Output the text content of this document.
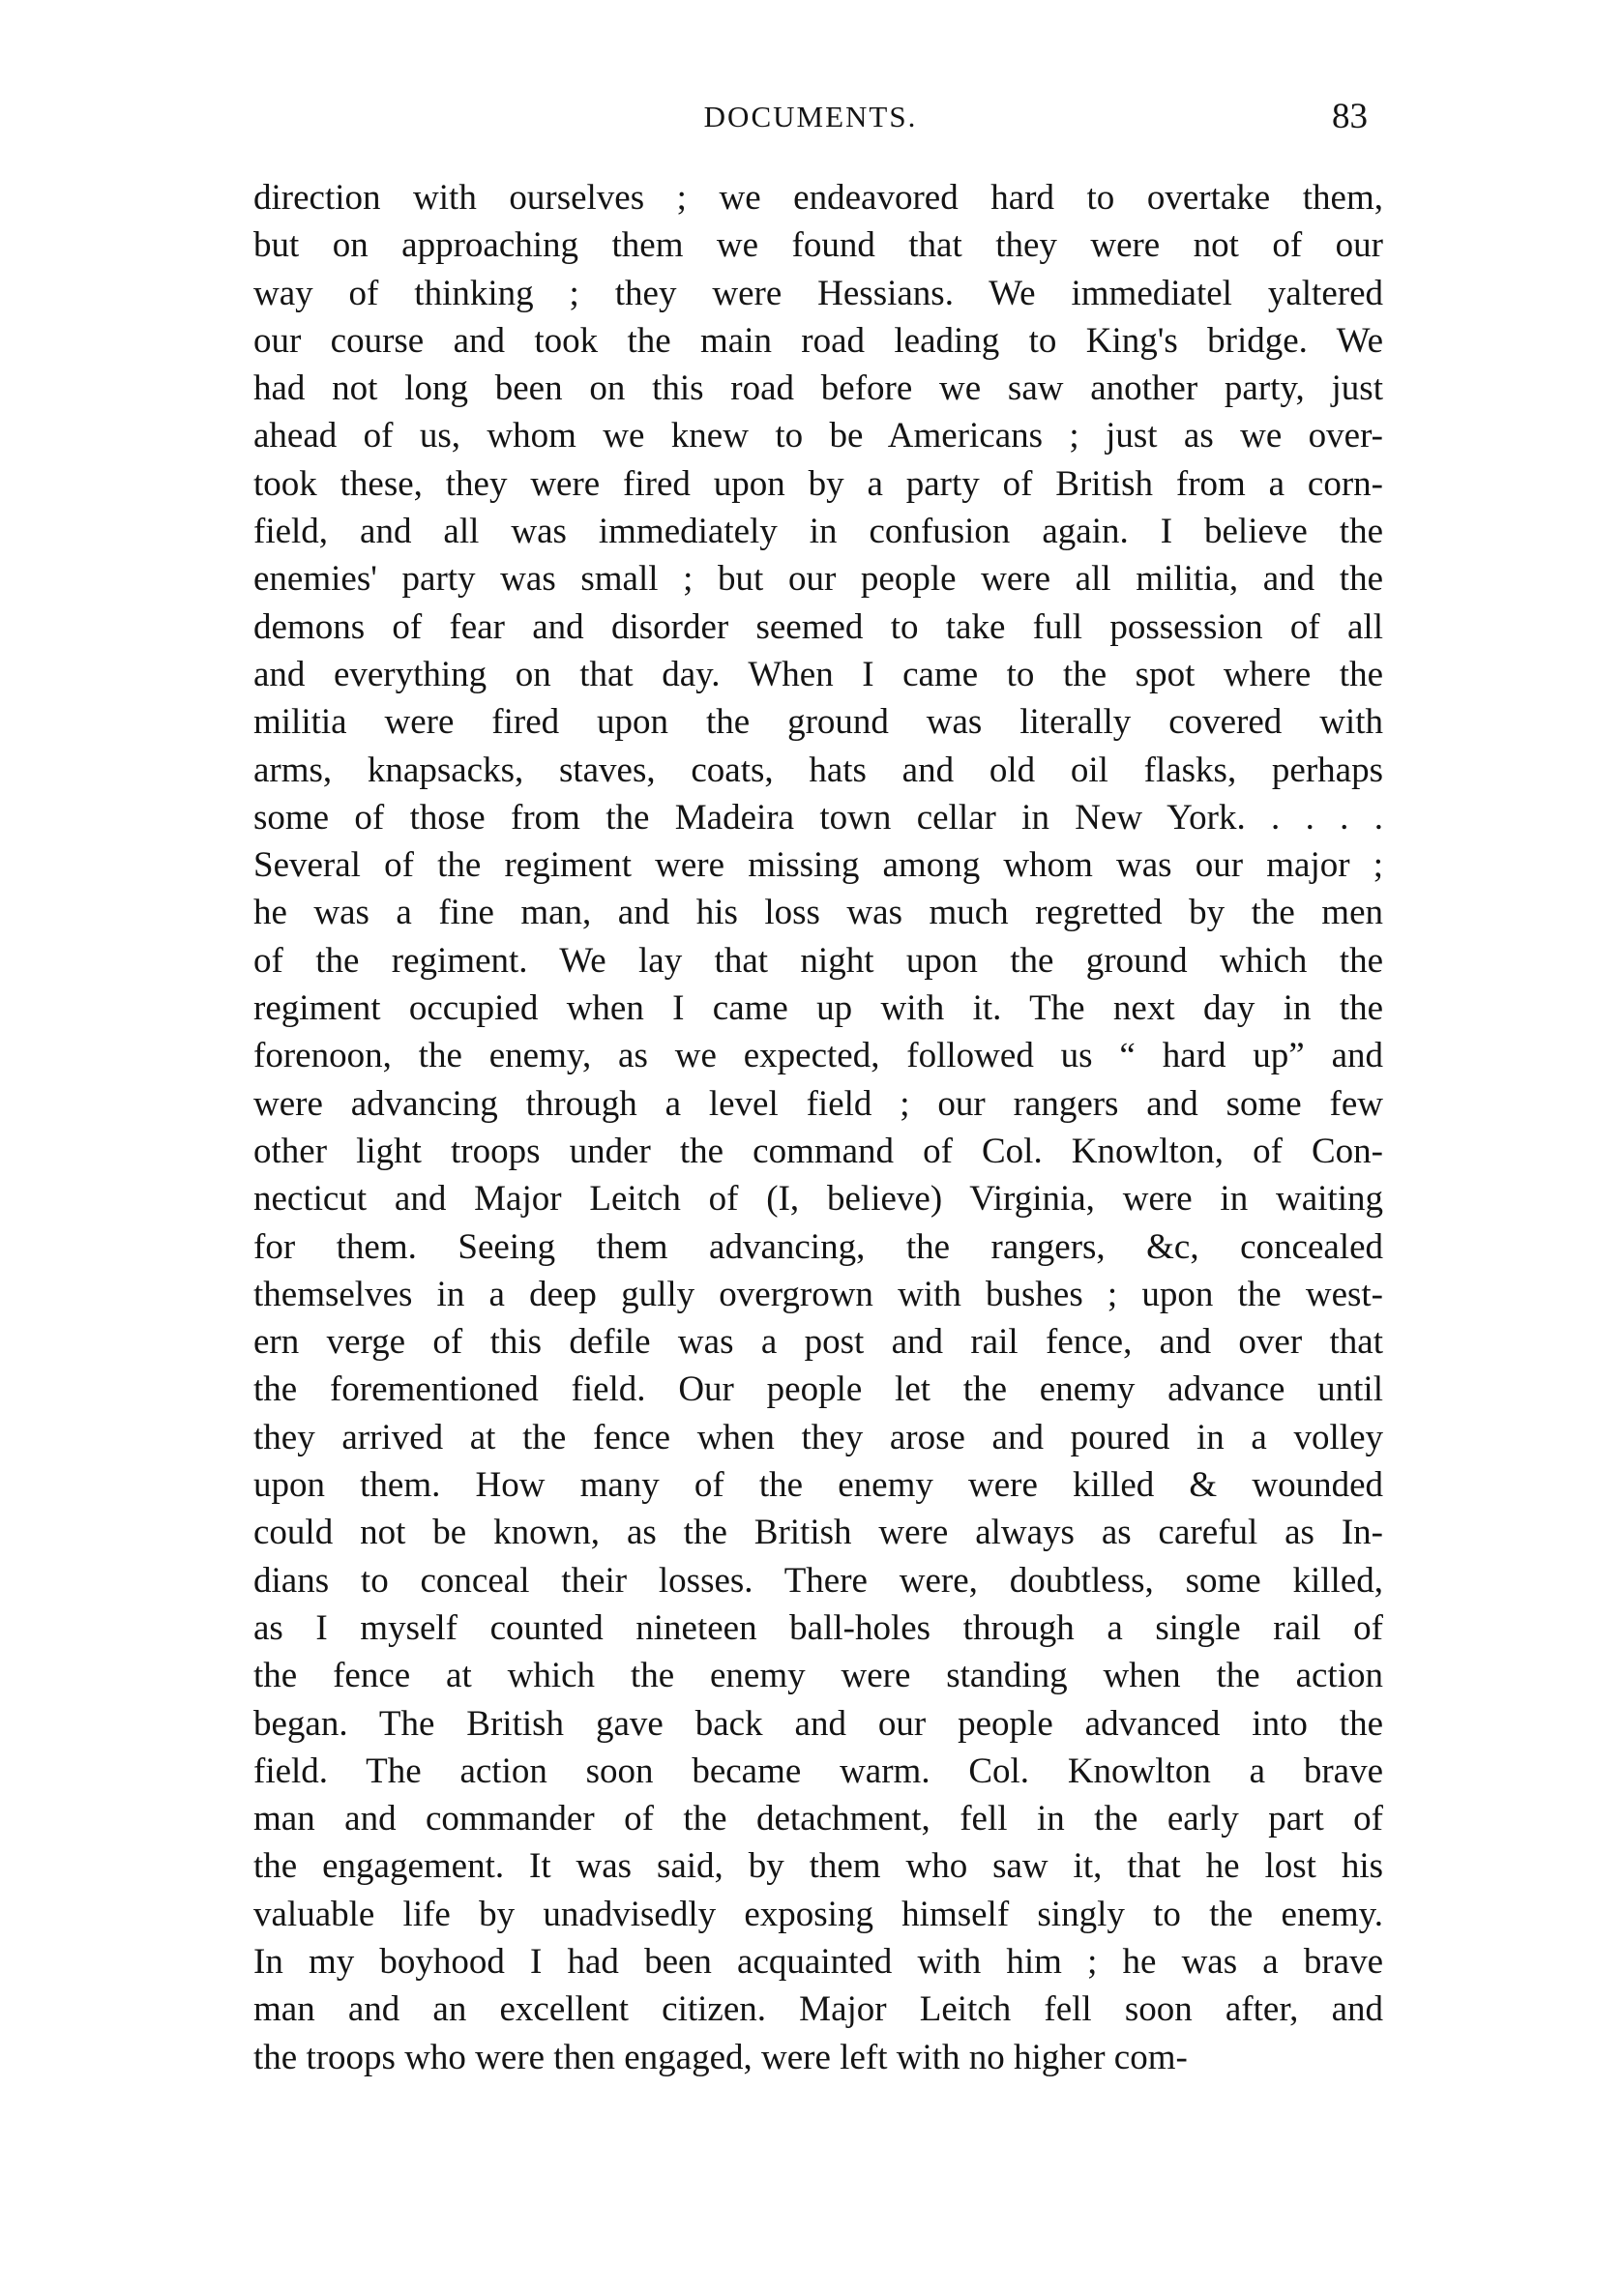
DOCUMENTS.	83
direction with ourselves ; we endeavored hard to overtake them,
but on approaching them we found that they were not of our
way of thinking ; they were Hessians. We immediatel yaltered
our course and took the main road leading to King's bridge. We
had not long been on this road before we saw another party, just
ahead of us, whom we knew to be Americans ; just as we over-
took these, they were fired upon by a party of British from a corn-
field, and all was immediately in confusion again. I believe the
enemies' party was small ; but our people were all militia, and the
demons of fear and disorder seemed to take full possession of all
and everything on that day. When I came to the spot where the
militia were fired upon the ground was literally covered with
arms, knapsacks, staves, coats, hats and old oil flasks, perhaps
some of those from the Madeira town cellar in New York. . . . .
Several of the regiment were missing among whom was our major ;
he was a fine man, and his loss was much regretted by the men
of the regiment. We lay that night upon the ground which the
regiment occupied when I came up with it. The next day in the
forenoon, the enemy, as we expected, followed us “ hard up” and
were advancing through a level field ; our rangers and some few
other light troops under the command of Col. Knowlton, of Con-
necticut and Major Leitch of (I, believe) Virginia, were in waiting
for them. Seeing them advancing, the rangers, &c, concealed
themselves in a deep gully overgrown with bushes ; upon the west-
ern verge of this defile was a post and rail fence, and over that
the forementioned field. Our people let the enemy advance until
they arrived at the fence when they arose and poured in a volley
upon them. How many of the enemy were killed & wounded
could not be known, as the British were always as careful as In-
dians to conceal their losses. There were, doubtless, some killed,
as I myself counted nineteen ball-holes through a single rail of
the fence at which the enemy were standing when the action
began. The British gave back and our people advanced into the
field. The action soon became warm. Col. Knowlton a brave
man and commander of the detachment, fell in the early part of
the engagement. It was said, by them who saw it, that he lost his
valuable life by unadvisedly exposing himself singly to the enemy.
In my boyhood I had been acquainted with him ; he was a brave
man and an excellent citizen. Major Leitch fell soon after, and
the troops who were then engaged, were left with no higher com-
